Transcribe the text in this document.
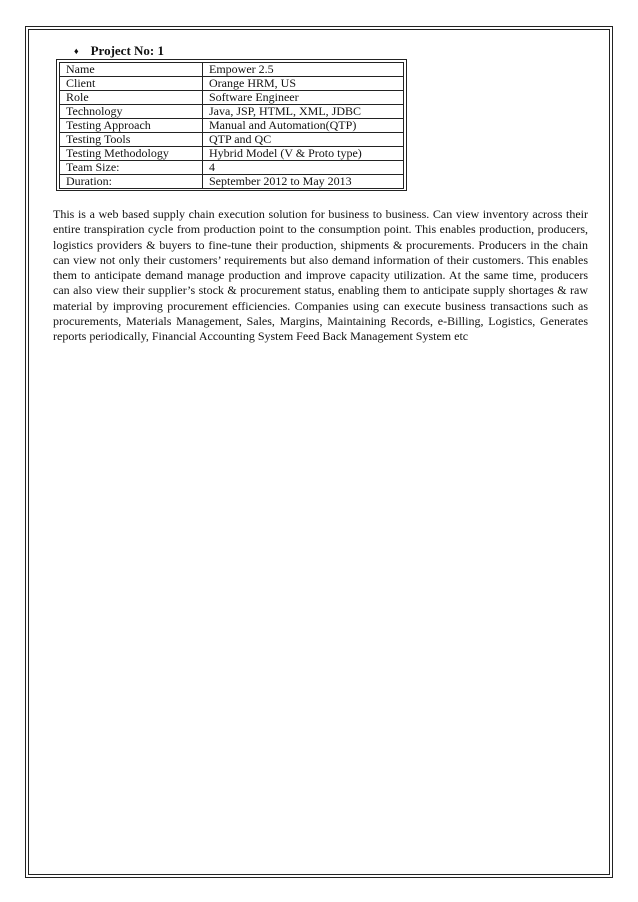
♦ Project No: 1
Name	Empower 2.5
Client	Orange HRM, US
Role	Software Engineer
Technology	Java, JSP, HTML, XML, JDBC
Testing Approach	Manual and Automation(QTP)
Testing Tools	QTP and QC
Testing Methodology	Hybrid Model (V & Proto type)
Team Size:	4
Duration:	September 2012 to May 2013

This is a web based supply chain execution solution for business to business. Can view inventory across their entire transpiration cycle from production point to the consumption point. This enables production, producers, logistics providers & buyers to fine-tune their production, shipments & procurements. Producers in the chain can view not only their customers’ requirements but also demand information of their customers. This enables them to anticipate demand manage production and improve capacity utilization. At the same time, producers can also view their supplier’s stock & procurement status, enabling them to anticipate supply shortages & raw material by improving procurement efficiencies. Companies using can execute business transactions such as procurements, Materials Management, Sales, Margins, Maintaining Records, e-Billing, Logistics, Generates reports periodically, Financial Accounting System Feed Back Management System etc
